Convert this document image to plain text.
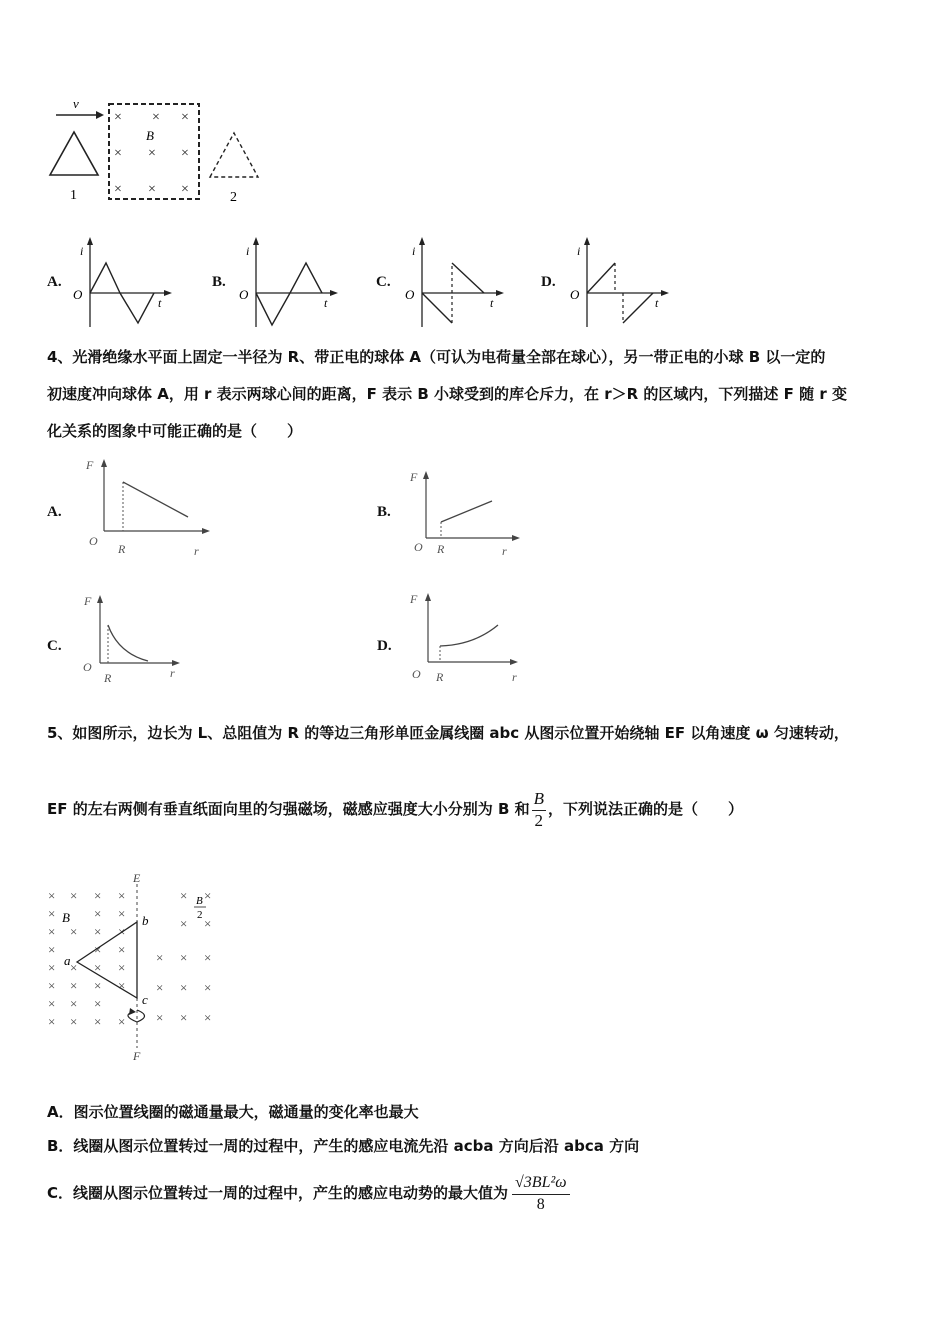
v
1
× × ×
× × ×
× × ×
B
2
A.
i
O
t
B.
i
O
t
C.
i
O
t
D.
i
O
t
4、光滑绝缘水平面上固定一半径为 R、带正电的球体 A（可认为电荷量全部在球心），另一带正电的小球 B 以一定的
初速度冲向球体 A，用 r 表示两球心间的距离，F 表示 B 小球受到的库仑斥力，在 r＞R 的区域内，下列描述 F 随 r 变
化关系的图象中可能正确的是（　　）
A.
F
O
R	r
B.
F
O R	r
C.
F
O
R	r
D.
F
O R	r
5、如图所示，边长为 L、总阻值为 R 的等边三角形单匝金属线圈 abc 从图示位置开始绕轴 EF 以角速度 ω 匀速转动，
EF 的左右两侧有垂直纸面向里的匀强磁场，磁感应强度大小分别为 B 和 $\frac{B}{2}$ ，下列说法正确的是（　　）
× × × ×
×	× ×
× × × ×
×	× ×
× × × ×
× × × ×
× × ×
× × × ×
× ×
× ×
× × ×
× × ×
× × ×
E
F
a
b
c
B
B
2
A．图示位置线圈的磁通量最大，磁通量的变化率也最大
B．线圈从图示位置转过一周的过程中，产生的感应电流先沿 acba 方向后沿 abca 方向
C．线圈从图示位置转过一周的过程中，产生的感应电动势的最大值为 $\frac{\text{√3BL²ω}}{8}$
